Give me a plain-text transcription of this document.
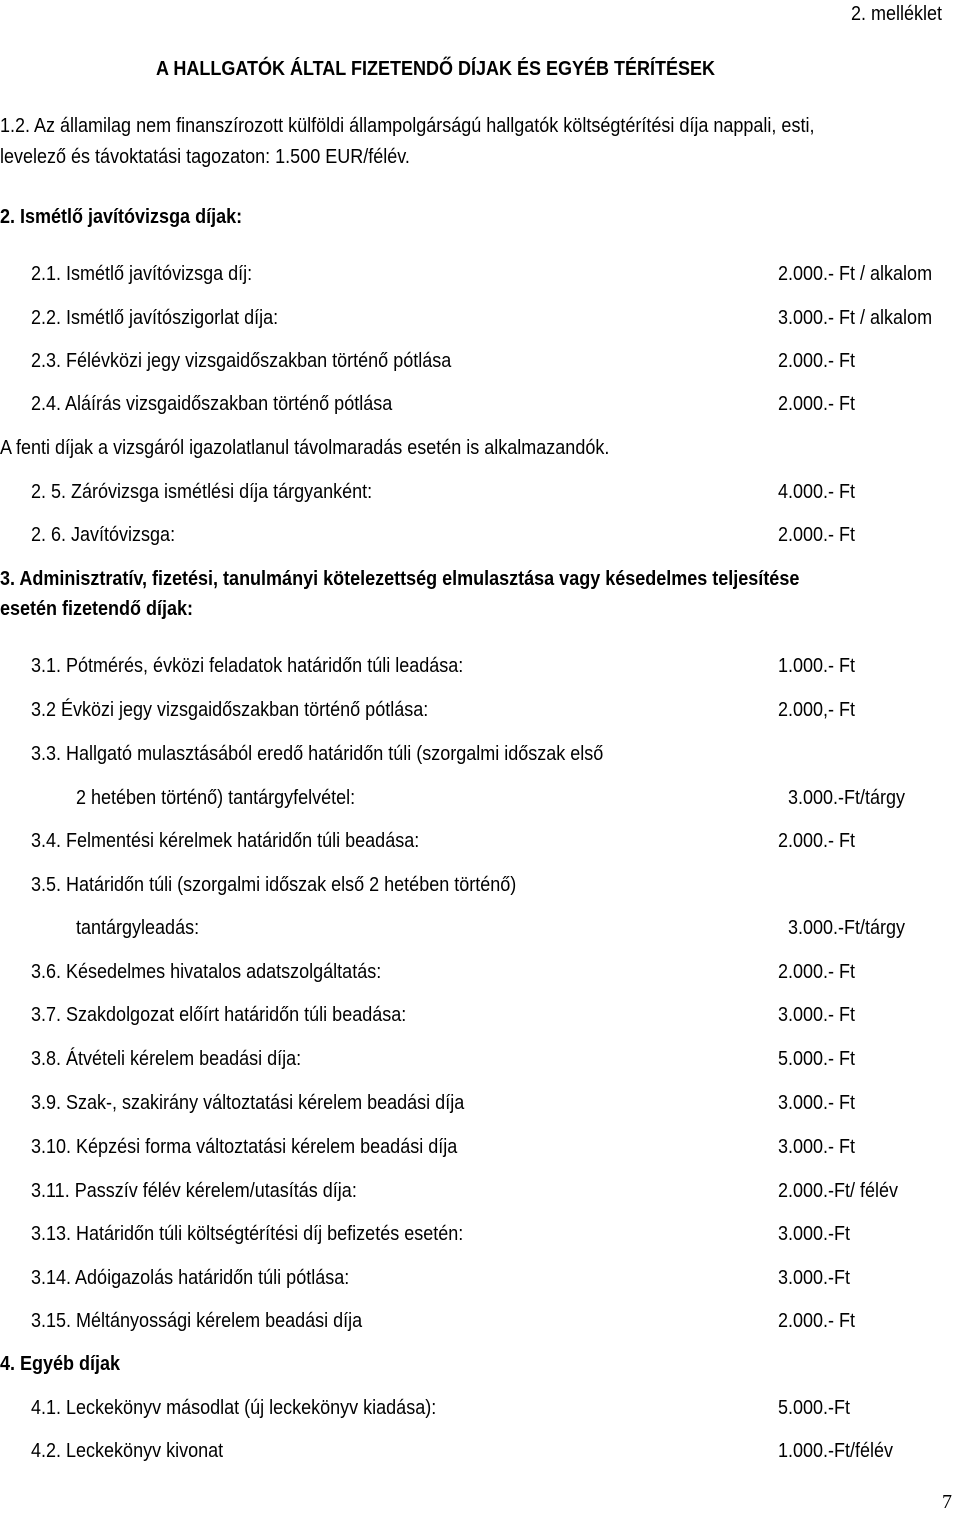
2. melléklet
A HALLGATÓK ÁLTAL FIZETENDŐ DÍJAK ÉS EGYÉB TÉRÍTÉSEK
1.2. Az államilag nem finanszírozott külföldi állampolgárságú hallgatók költségtérítési díja nappali, esti,
levelező és távoktatási tagozaton: 1.500 EUR/félév.
2. Ismétlő javítóvizsga díjak:
2.1. Ismétlő javítóvizsga díj:	2.000.- Ft / alkalom
2.2. Ismétlő javítószigorlat díja:	3.000.- Ft / alkalom
2.3. Félévközi jegy vizsgaidőszakban történő pótlása	2.000.- Ft
2.4. Aláírás vizsgaidőszakban történő pótlása	2.000.- Ft
A fenti díjak a vizsgáról igazolatlanul távolmaradás esetén is alkalmazandók.
2. 5. Záróvizsga ismétlési díja tárgyanként:	4.000.- Ft
2. 6. Javítóvizsga:	2.000.- Ft
3. Adminisztratív, fizetési, tanulmányi kötelezettség elmulasztása vagy késedelmes teljesítése
esetén fizetendő díjak:
3.1. Pótmérés, évközi feladatok határidőn túli leadása:	1.000.- Ft
3.2 Évközi jegy vizsgaidőszakban történő pótlása:	2.000,- Ft
3.3. Hallgató mulasztásából eredő határidőn túli (szorgalmi időszak első
2 hetében történő) tantárgyfelvétel:	3.000.-Ft/tárgy
3.4. Felmentési kérelmek határidőn túli beadása:	2.000.- Ft
3.5. Határidőn túli (szorgalmi időszak első 2 hetében történő)
tantárgyleadás:	3.000.-Ft/tárgy
3.6. Késedelmes hivatalos adatszolgáltatás:	2.000.- Ft
3.7. Szakdolgozat előírt határidőn túli beadása:	3.000.- Ft
3.8. Átvételi kérelem beadási díja:	5.000.- Ft
3.9. Szak-, szakirány változtatási kérelem beadási díja	3.000.- Ft
3.10. Képzési forma változtatási kérelem beadási díja	3.000.- Ft
3.11. Passzív félév kérelem/utasítás díja:	2.000.-Ft/ félév
3.13. Határidőn túli költségtérítési díj befizetés esetén:	3.000.-Ft
3.14. Adóigazolás határidőn túli pótlása:	3.000.-Ft
3.15. Méltányossági kérelem beadási díja	2.000.- Ft
4. Egyéb díjak
4.1. Leckekönyv másodlat (új leckekönyv kiadása):	5.000.-Ft
4.2. Leckekönyv kivonat	1.000.-Ft/félév
7
